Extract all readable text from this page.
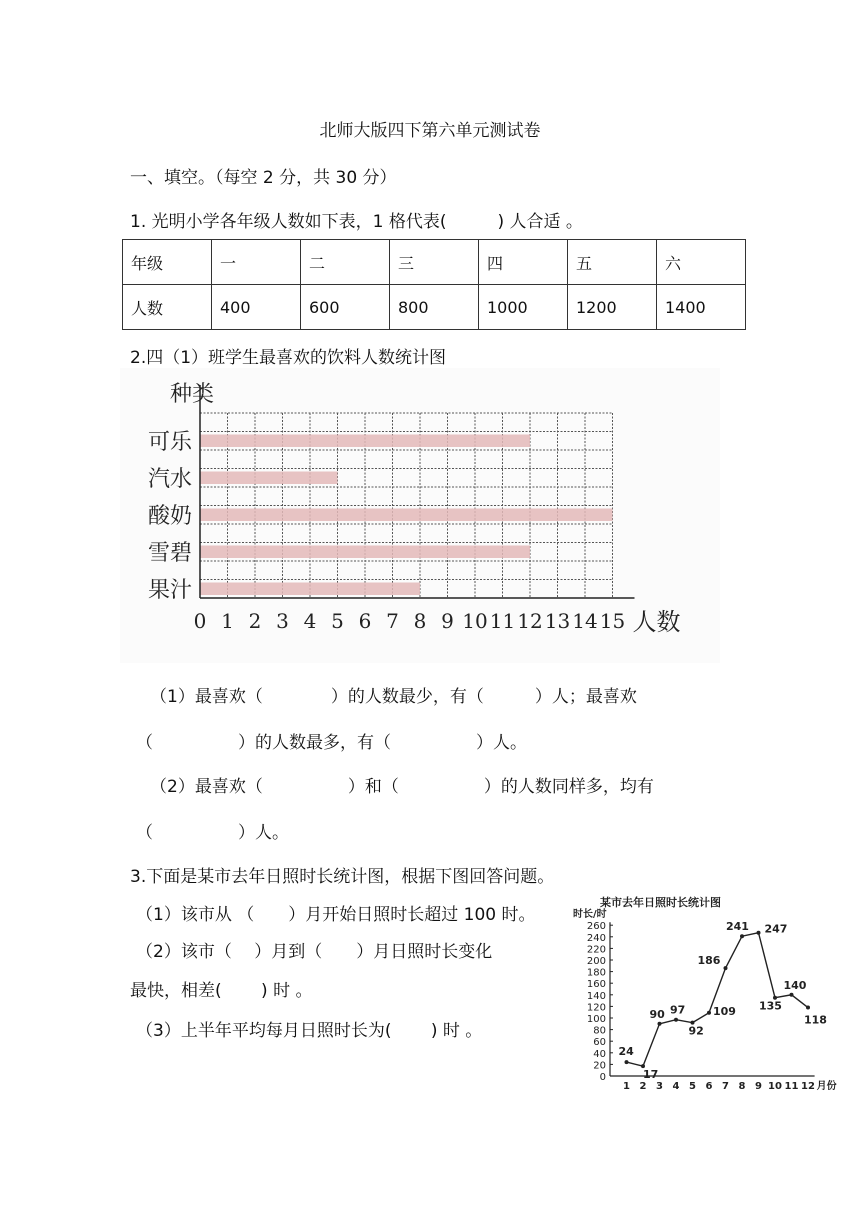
北师大版四下第六单元测试卷
一、填空。（每空 2 分，共 30 分）
1. 光明小学各年级人数如下表，1 格代表(　　　) 人合适 。
年级	一	二	三	四	五	六
人数	400	600	800	1000	1200	1400
2.四（1）班学生最喜欢的饮料人数统计图
可乐
汽水
酸奶
雪碧
果汁
种类
0 1 2 3 4 5 6 7 8 9 10 11 12 13 14 15 人数
（1）最喜欢（　　　　）的人数最少，有（　　　）人；最喜欢
（　　　　　）的人数最多，有（　　　　　）人。
（2）最喜欢（　　　　　）和（　　　　　）的人数同样多，均有
（　　　　　）人。
3.下面是某市去年日照时长统计图，根据下图回答问题。
（1）该市从 （　　）月开始日照时长超过 100 时。
（2）该市（　 ）月到（　　）月日照时长变化
最快，相差(　　 ) 时 。
（3）上半年平均每月日照时长为(　　 ) 时 。
某市去年日照时长统计图
时长/时
0
20
40
60
80
100
120
140
160
180
200
220
240
260
1 2 3 4 5 6 7 8 9 10 11 12 月份
24
17
90 97
92
109
186
241 247
135
140
118
